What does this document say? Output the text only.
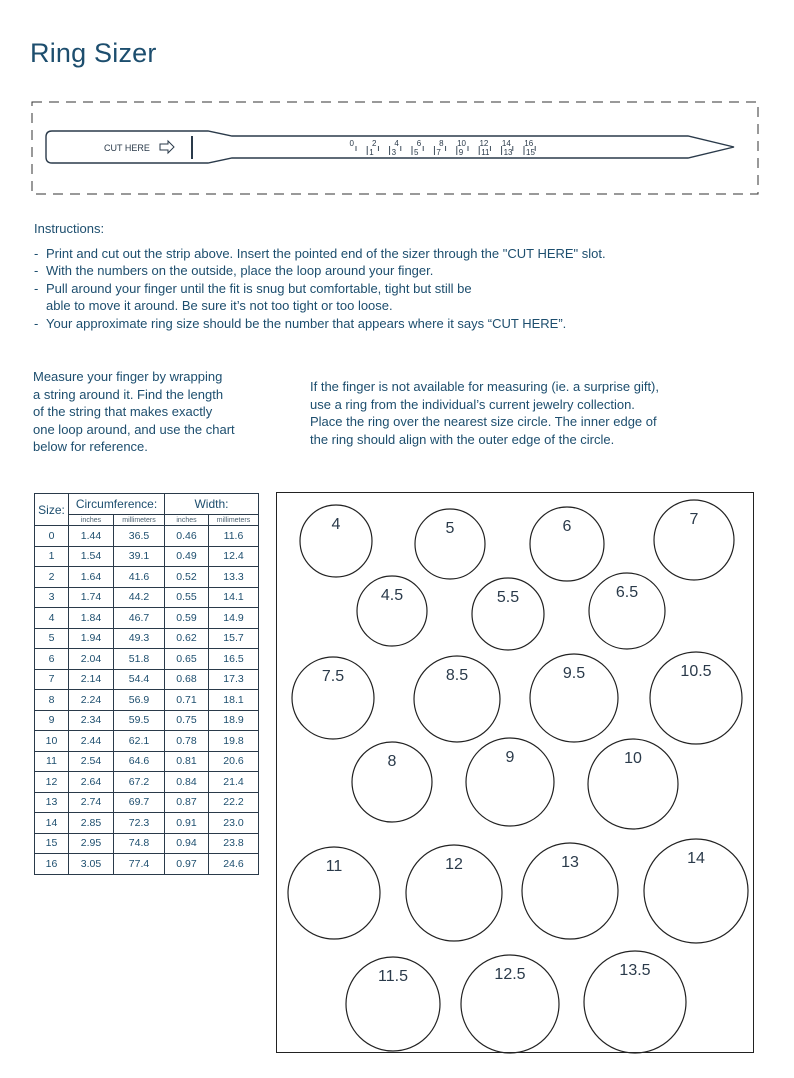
Ring Sizer
CUT HERE	0 2 4 6 8 10 12 14 16
1 3 5 7 9 11 13 15
Instructions:
- Print and cut out the strip above. Insert the pointed end of the sizer through the "CUT HERE" slot.
- With the numbers on the outside, place the loop around your finger.
- Pull around your finger until the fit is snug but comfortable, tight but still be
able to move it around. Be sure it’s not too tight or too loose.
- Your approximate ring size should be the number that appears where it says “CUT HERE”.
Measure your finger by wrapping
a string around it. Find the length
of the string that makes exactly
one loop around, and use the chart
below for reference.
If the finger is not available for measuring (ie. a surprise gift),
use a ring from the individual’s current jewelry collection.
Place the ring over the nearest size circle. The inner edge of
the ring should align with the outer edge of the circle.
Size:	Circumference:		Width:	
	inches	millimeters	inches	millimeters
0	1.44	36.5	0.46	11.6
1	1.54	39.1	0.49	12.4
2	1.64	41.6	0.52	13.3
3	1.74	44.2	0.55	14.1
4	1.84	46.7	0.59	14.9
5	1.94	49.3	0.62	15.7
6	2.04	51.8	0.65	16.5
7	2.14	54.4	0.68	17.3
8	2.24	56.9	0.71	18.1
9	2.34	59.5	0.75	18.9
10	2.44	62.1	0.78	19.8
11	2.54	64.6	0.81	20.6
12	2.64	67.2	0.84	21.4
13	2.74	69.7	0.87	22.2
14	2.85	72.3	0.91	23.0
15	2.95	74.8	0.94	23.8
16	3.05	77.4	0.97	24.6
4	5	6	7
4.5	5.5	6.5
7.5	8.5	9.5	10.5
8	9	10
11	12	13	14
11.5	12.5	13.5
